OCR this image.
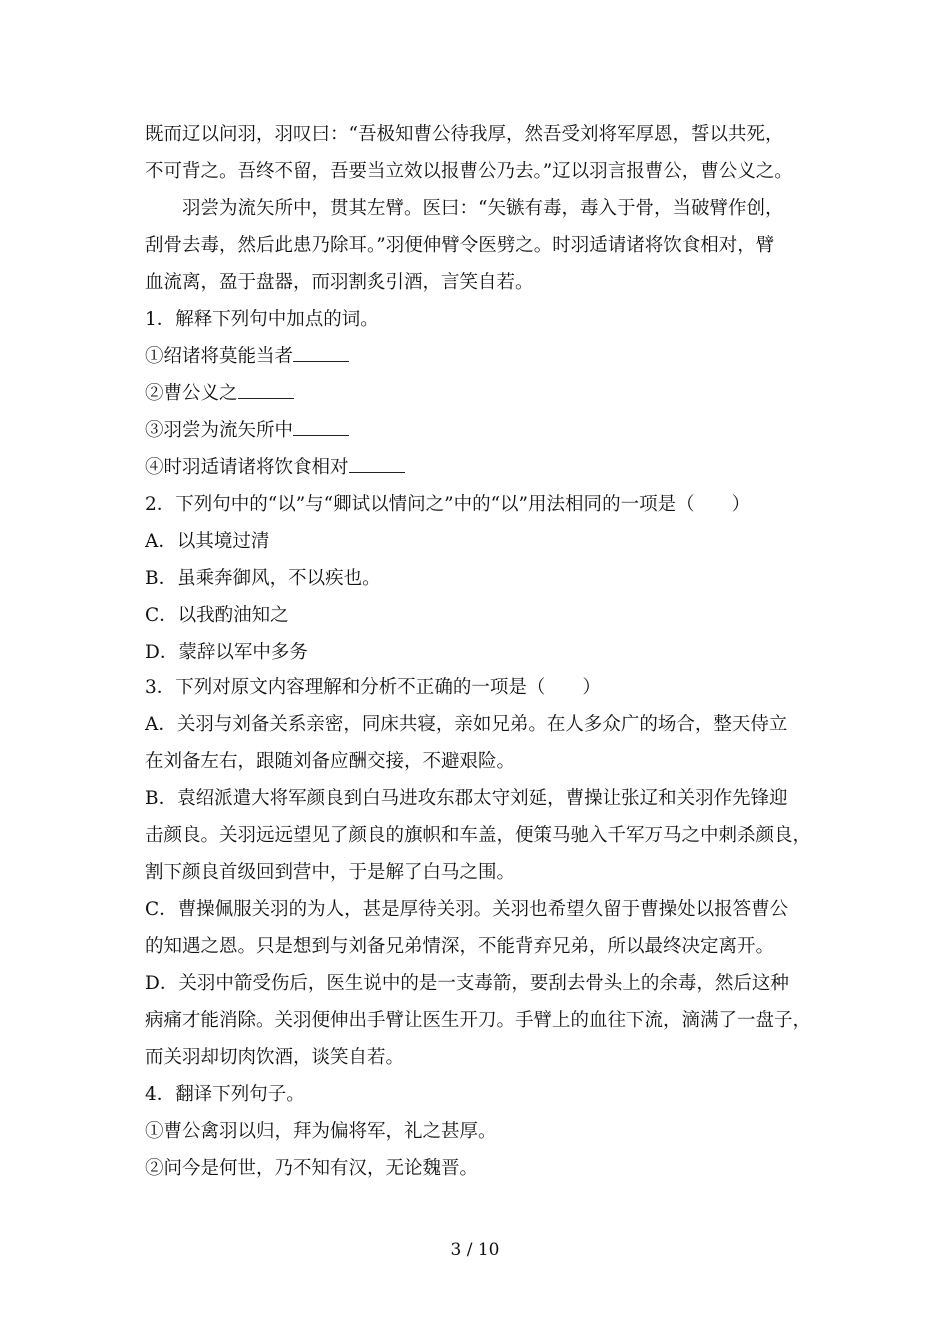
既而辽以问羽，羽叹曰：“吾极知曹公待我厚，然吾受刘将军厚恩，誓以共死，
不可背之。吾终不留，吾要当立效以报曹公乃去。”辽以羽言报曹公，曹公义之。
羽尝为流矢所中，贯其左臂。医曰：“矢镞有毒，毒入于骨，当破臂作创，
刮骨去毒，然后此患乃除耳。”羽便伸臂令医劈之。时羽适请诸将饮食相对，臂
血流离，盈于盘器，而羽割炙引酒，言笑自若。
1．解释下列句中加点的词。
①绍诸将莫能当者
②曹公义之
③羽尝为流矢所中
④时羽适请诸将饮食相对
2．下列句中的“以”与“卿试以情问之”中的“以”用法相同的一项是（　　）
A．以其境过清
B．虽乘奔御风，不以疾也。
C．以我酌油知之
D．蒙辞以军中多务
3．下列对原文内容理解和分析不正确的一项是（　　）
A．关羽与刘备关系亲密，同床共寝，亲如兄弟。在人多众广的场合，整天侍立
在刘备左右，跟随刘备应酬交接，不避艰险。
B．袁绍派遣大将军颜良到白马进攻东郡太守刘延，曹操让张辽和关羽作先锋迎
击颜良。关羽远远望见了颜良的旗帜和车盖，便策马驰入千军万马之中刺杀颜良，
割下颜良首级回到营中，于是解了白马之围。
C．曹操佩服关羽的为人，甚是厚待关羽。关羽也希望久留于曹操处以报答曹公
的知遇之恩。只是想到与刘备兄弟情深，不能背弃兄弟，所以最终决定离开。
D．关羽中箭受伤后，医生说中的是一支毒箭，要刮去骨头上的余毒，然后这种
病痛才能消除。关羽便伸出手臂让医生开刀。手臂上的血往下流，滴满了一盘子，
而关羽却切肉饮酒，谈笑自若。
4．翻译下列句子。
①曹公禽羽以归，拜为偏将军，礼之甚厚。
②问今是何世，乃不知有汉，无论魏晋。
3 / 10
